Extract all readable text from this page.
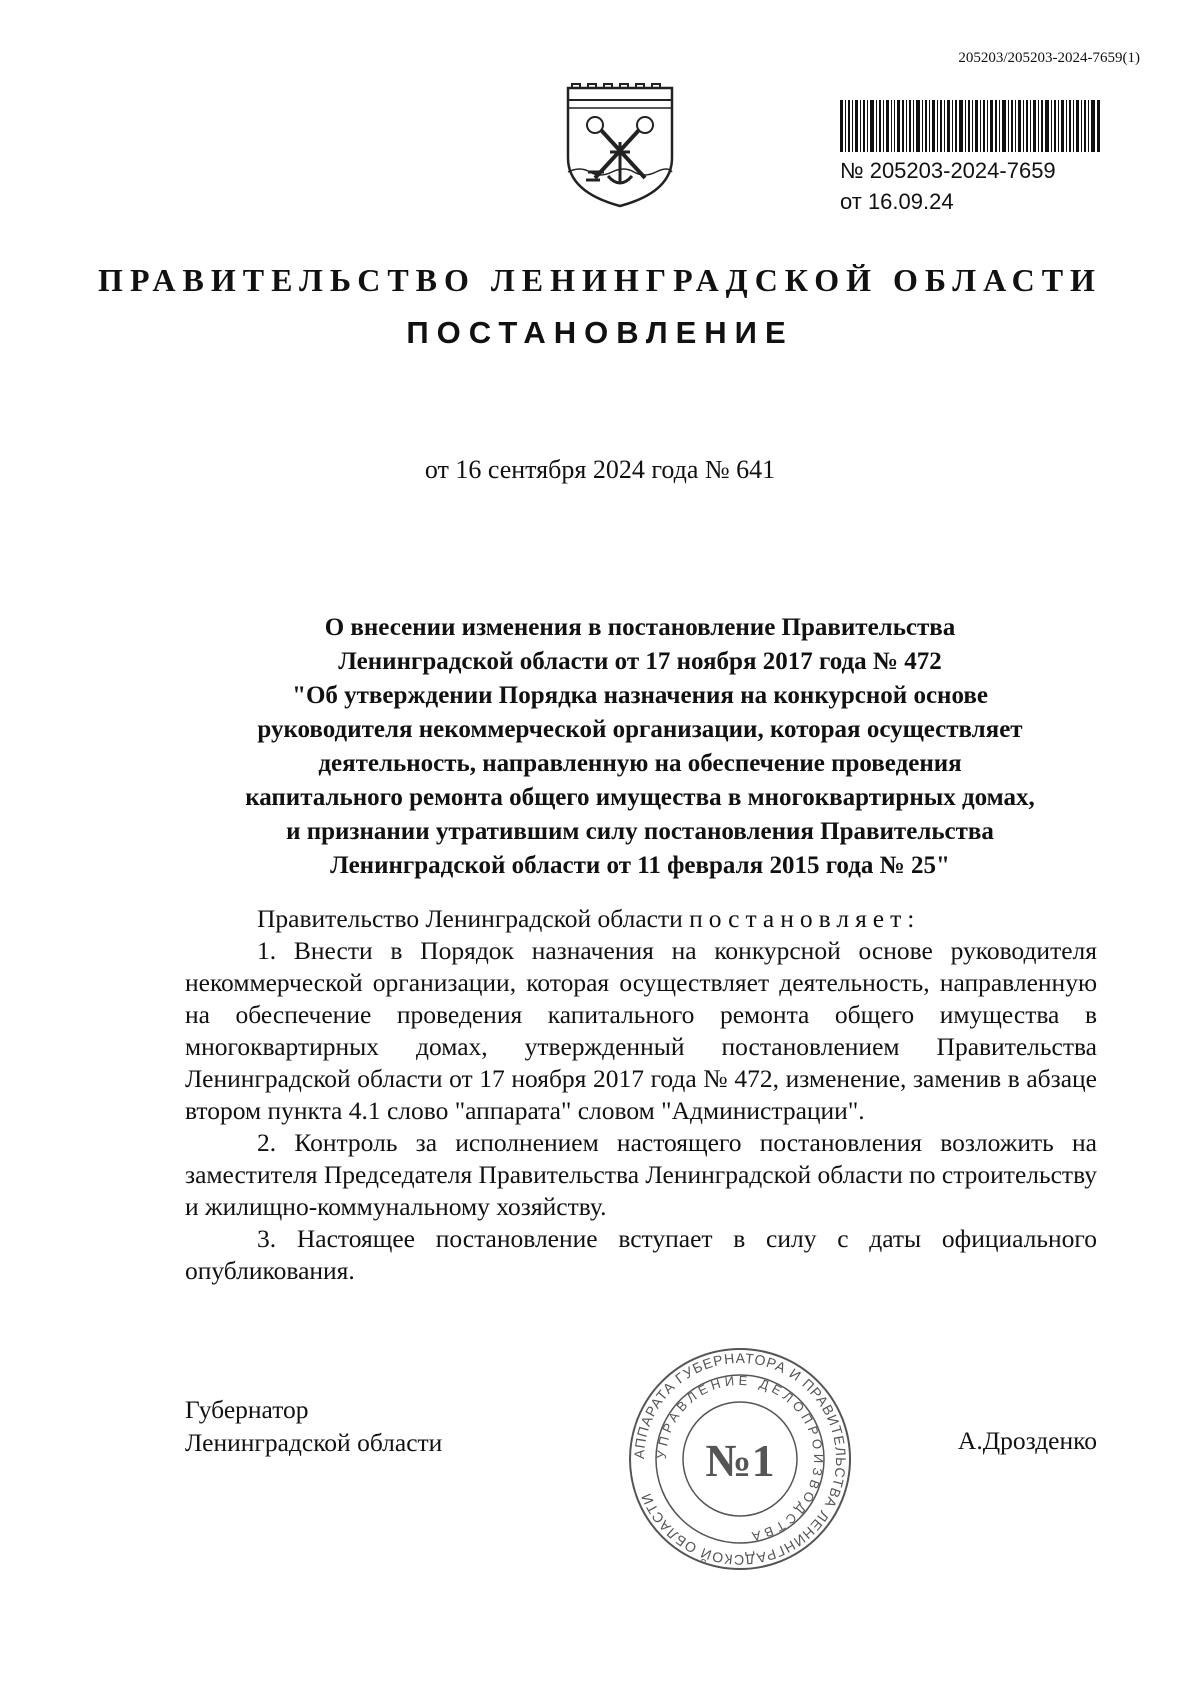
205203/205203-2024-7659(1)
№ 205203-2024-7659
от 16.09.24
ПРАВИТЕЛЬСТВО ЛЕНИНГРАДСКОЙ ОБЛАСТИ
ПОСТАНОВЛЕНИЕ
от 16 сентября 2024 года № 641
О внесении изменения в постановление Правительства
Ленинградской области от 17 ноября 2017 года № 472
"Об утверждении Порядка назначения на конкурсной основе
руководителя некоммерческой организации, которая осуществляет
деятельность, направленную на обеспечение проведения
капитального ремонта общего имущества в многоквартирных домах,
и признании утратившим силу постановления Правительства
Ленинградской области от 11 февраля 2015 года № 25"
Правительство Ленинградской области постановляет:

1. Внести в Порядок назначения на конкурсной основе руководителя некоммерческой организации, которая осуществляет деятельность, направленную на обеспечение проведения капитального ремонта общего имущества в многоквартирных домах, утвержденный постановлением Правительства Ленинградской области от 17 ноября 2017 года № 472, изменение, заменив в абзаце втором пункта 4.1 слово "аппарата" словом "Администрации".

2. Контроль за исполнением настоящего постановления возложить на заместителя Председателя Правительства Ленинградской области по строительству и жилищно-коммунальному хозяйству.

3. Настоящее постановление вступает в силу с даты официального опубликования.

Губернатор
Ленинградской области	А.Дрозденко
АППАРАТА ГУБЕРНАТОРА И ПРАВИТЕЛЬСТВА ЛЕНИНГРАДСКОЙ ОБЛАСТИ
УПРАВЛЕНИЕ ДЕЛОПРОИЗВОДСТВА
№1
